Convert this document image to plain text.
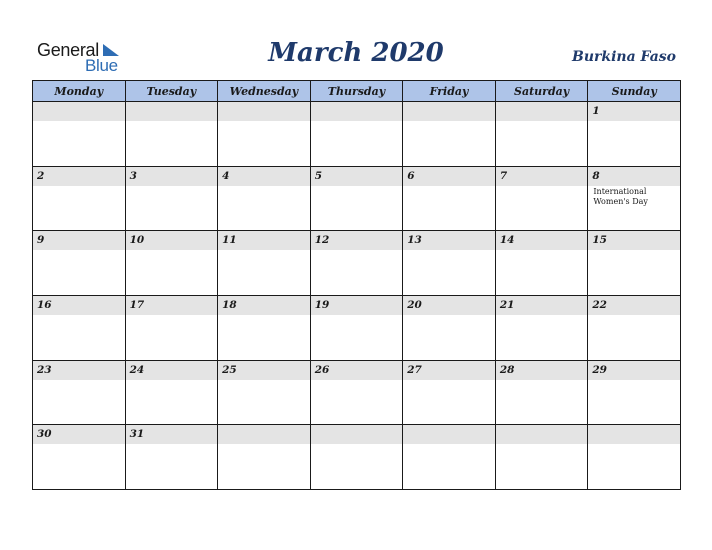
General
Blue	March 2020	Burkina Faso
Monday	Tuesday	Wednesday	Thursday	Friday	Saturday	Sunday

						1

2	3	4	5	6	7	8
International Women's Day

9	10	11	12	13	14	15

16	17	18	19	20	21	22

23	24	25	26	27	28	29

30	31					
